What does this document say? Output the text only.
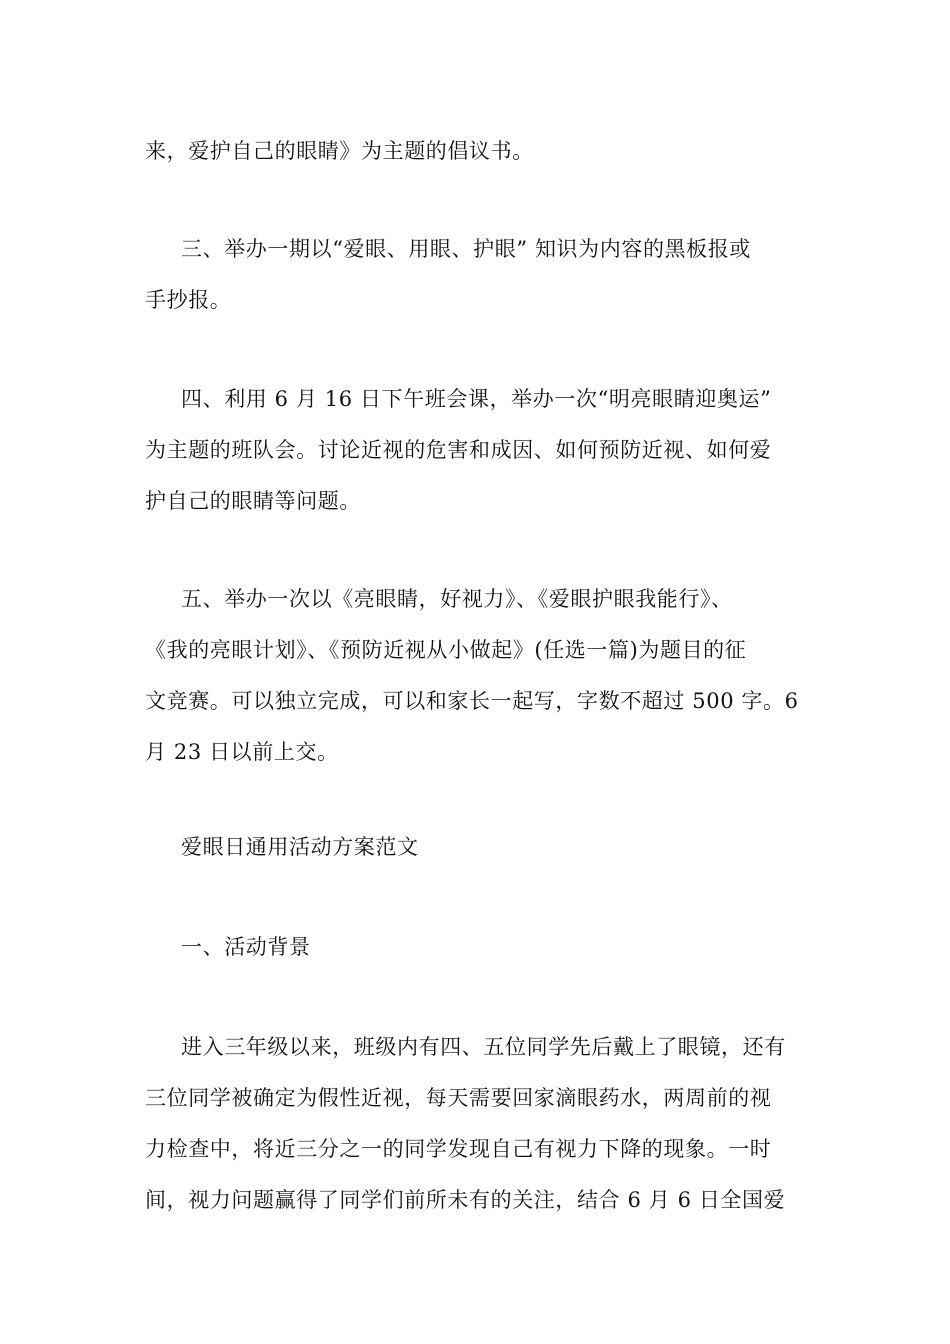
来，爱护自己的眼睛》为主题的倡议书。

三、举办一期以“爱眼、用眼、护眼” 知识为内容的黑板报或
手抄报。

四、利用 6 月 16 日下午班会课，举办一次“明亮眼睛迎奥运”
为主题的班队会。讨论近视的危害和成因、如何预防近视、如何爱
护自己的眼睛等问题。

五、举办一次以《亮眼睛，好视力》、《爱眼护眼我能行》、
《我的亮眼计划》、《预防近视从小做起》(任选一篇)为题目的征
文竞赛。可以独立完成，可以和家长一起写，字数不超过 500 字。6
月 23 日以前上交。

爱眼日通用活动方案范文

一、活动背景

进入三年级以来，班级内有四、五位同学先后戴上了眼镜，还有
三位同学被确定为假性近视，每天需要回家滴眼药水，两周前的视
力检查中，将近三分之一的同学发现自己有视力下降的现象。一时
间，视力问题赢得了同学们前所未有的关注，结合 6 月 6 日全国爱
